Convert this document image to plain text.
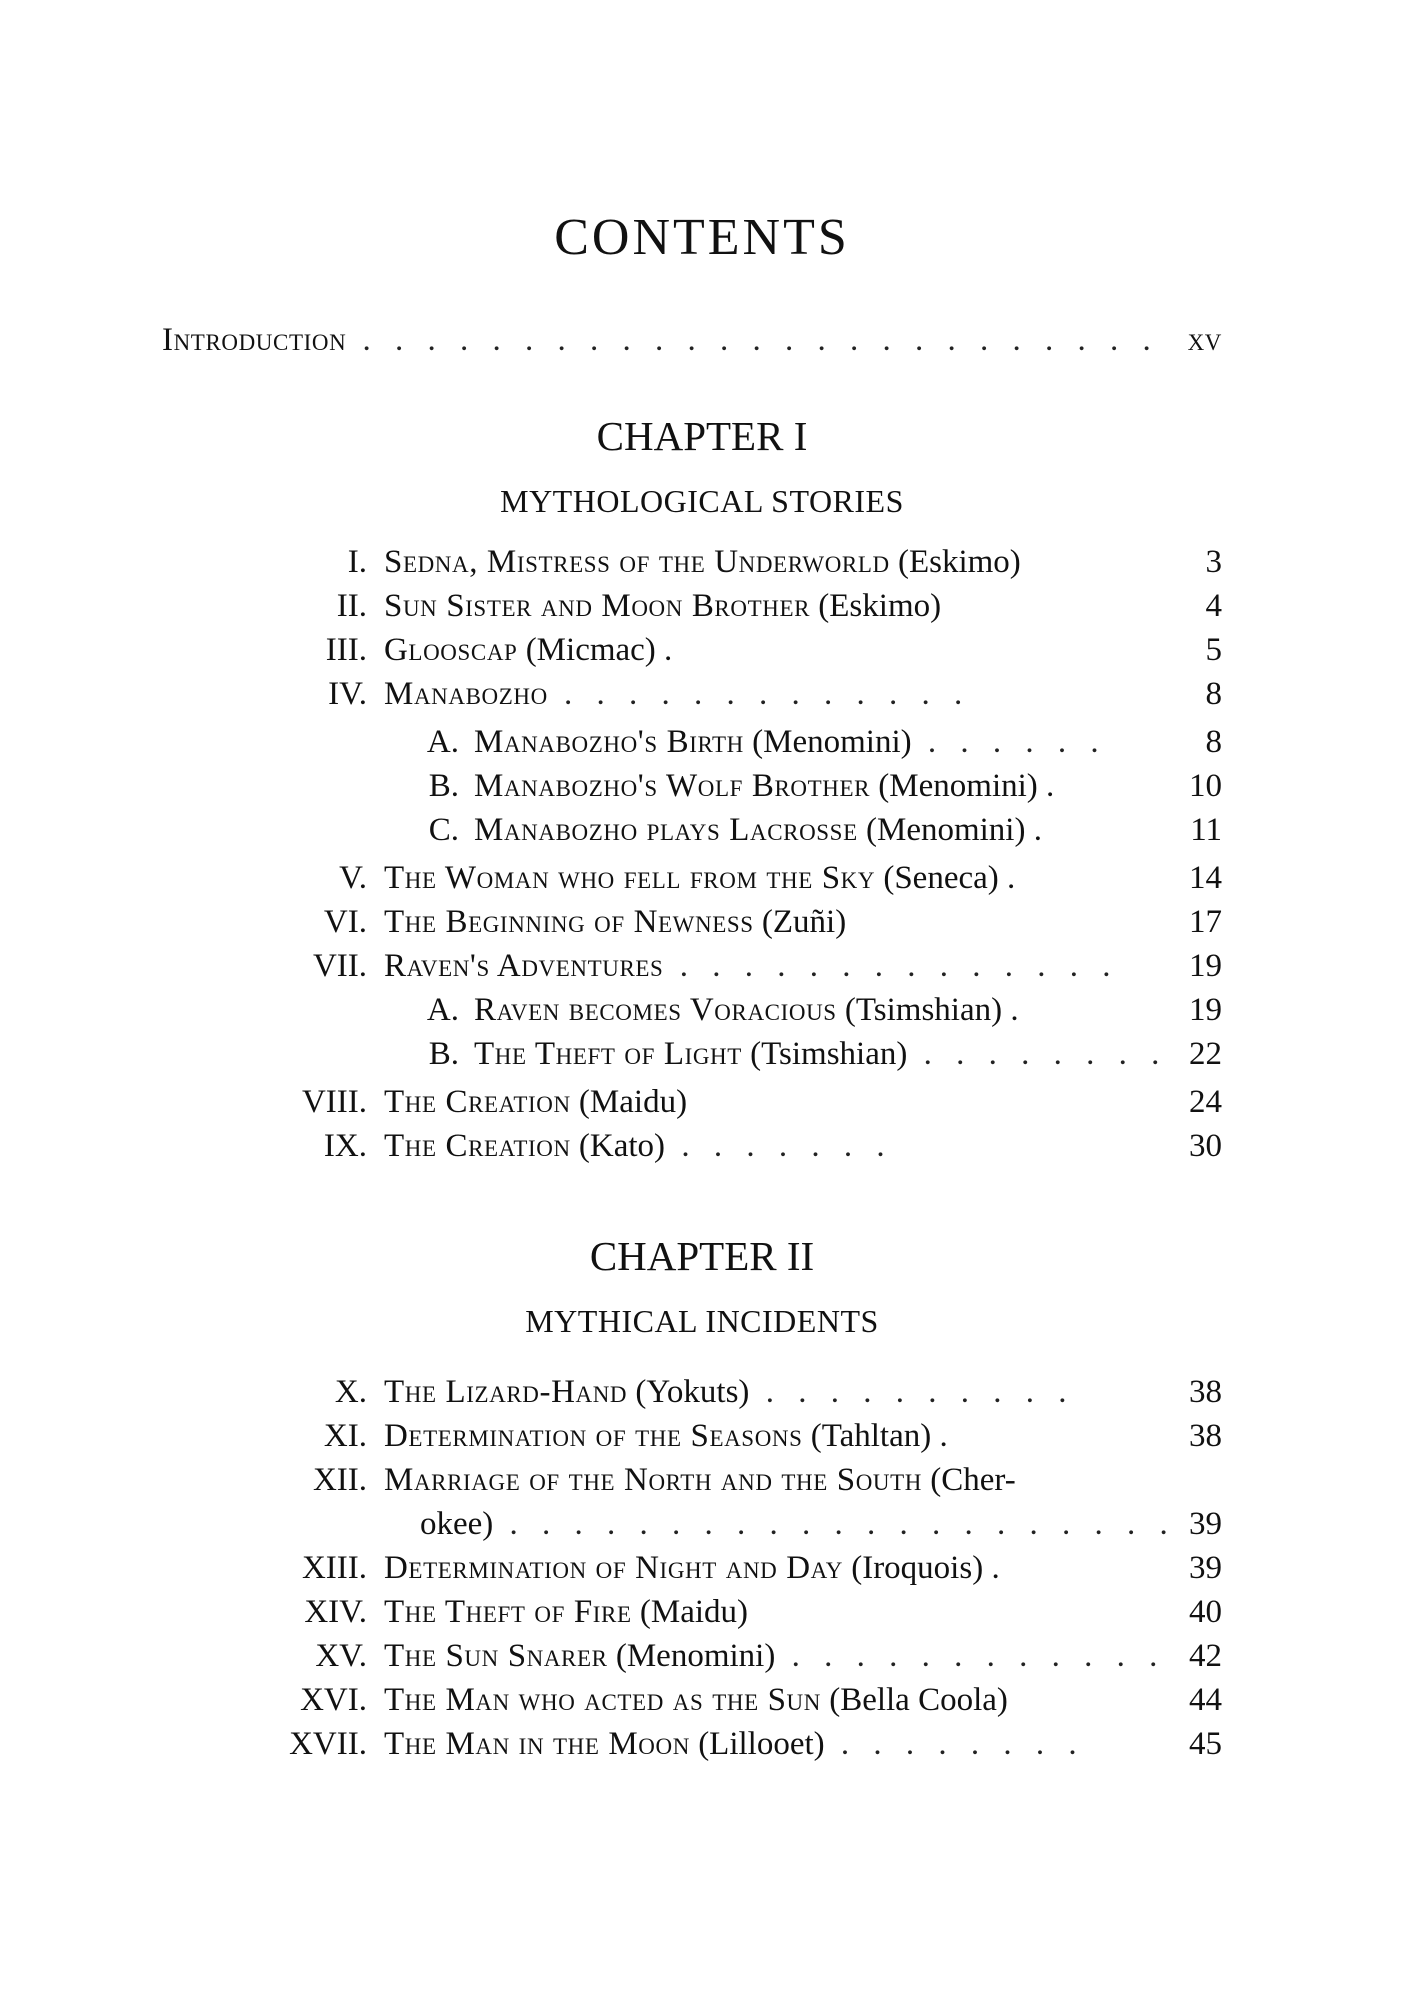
CONTENTS
Introduction . . .	xv
CHAPTER I
MYTHOLOGICAL STORIES
I. Sedna, Mistress of the Underworld (Eskimo)	3
II. Sun Sister and Moon Brother (Eskimo)	4
III. Glooscap (Micmac) .	5
IV. Manabozho . . .	8
A. Manabozho's Birth (Menomini) . . .	8
B. Manabozho's Wolf Brother (Menomini) .	10
C. Manabozho plays Lacrosse (Menomini) .	11
V. The Woman who fell from the Sky (Seneca) .	14
VI. The Beginning of Newness (Zuñi)	17
VII. Raven's Adventures . . .	19
A. Raven becomes Voracious (Tsimshian) .	19
B. The Theft of Light (Tsimshian) . . .	22
VIII. The Creation (Maidu)	24
IX. The Creation (Kato) . . .	30
CHAPTER II
MYTHICAL INCIDENTS
X. The Lizard-Hand (Yokuts) . . .	38
XI. Determination of the Seasons (Tahltan) .	38
XII. Marriage of the North and the South (Cher-
okee) . . .	39
XIII. Determination of Night and Day (Iroquois) .	39
XIV. The Theft of Fire (Maidu)	40
XV. The Sun Snarer (Menomini) . . .	42
XVI. The Man who acted as the Sun (Bella Coola)	44
XVII. The Man in the Moon (Lillooet) . . .	45
